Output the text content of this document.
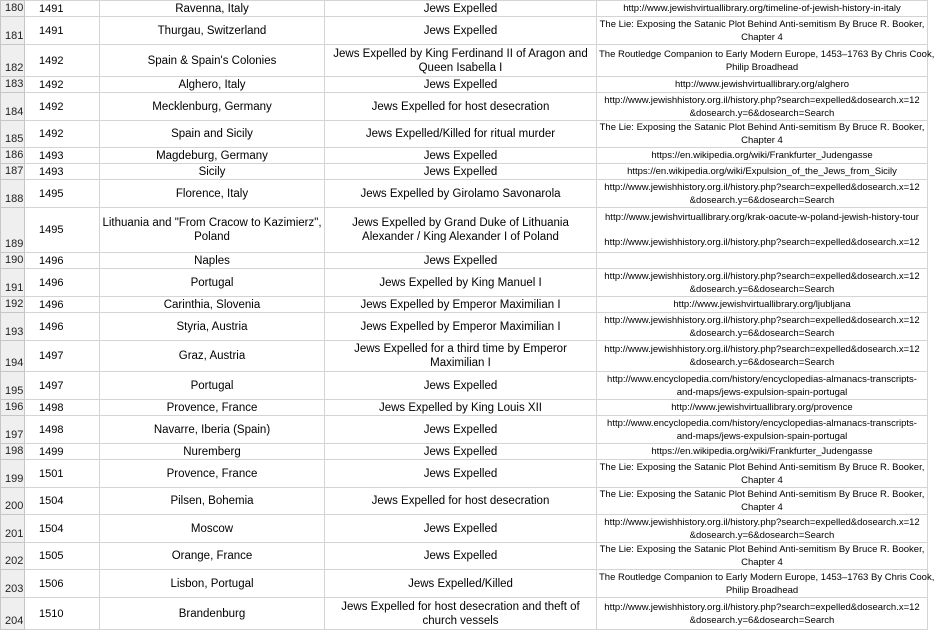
180	1491	Ravenna, Italy	Jews Expelled	http://www.jewishvirtuallibrary.org/timeline-of-jewish-history-in-italy

181	1491	Thurgau, Switzerland	Jews Expelled	The Lie: Exposing the Satanic Plot Behind Anti-semitism By Bruce R. Booker,
Chapter 4

182	1492	Spain & Spain's Colonies	Jews Expelled by King Ferdinand II of Aragon and Queen Isabella I	The Routledge Companion to Early Modern Europe, 1453–1763 By Chris Cook,
Philip Broadhead

183	1492	Alghero, Italy	Jews Expelled	http://www.jewishvirtuallibrary.org/alghero

184	1492	Mecklenburg, Germany	Jews Expelled for host desecration	http://www.jewishhistory.org.il/history.php?search=expelled&dosearch.x=12
&dosearch.y=6&dosearch=Search

185	1492	Spain and Sicily	Jews Expelled/Killed for ritual murder	The Lie: Exposing the Satanic Plot Behind Anti-semitism By Bruce R. Booker,
Chapter 4

186	1493	Magdeburg, Germany	Jews Expelled	https://en.wikipedia.org/wiki/Frankfurter_Judengasse

187	1493	Sicily	Jews Expelled	https://en.wikipedia.org/wiki/Expulsion_of_the_Jews_from_Sicily

188	1495	Florence, Italy	Jews Expelled by Girolamo Savonarola	http://www.jewishhistory.org.il/history.php?search=expelled&dosearch.x=12
&dosearch.y=6&dosearch=Search

189	1495	Lithuania and "From Cracow to Kazimierz", Poland	Jews Expelled by Grand Duke of Lithuania Alexander / King Alexander I of Poland	http://www.jewishvirtuallibrary.org/krak-oacute-w-poland-jewish-history-tour
http://www.jewishhistory.org.il/history.php?search=expelled&dosearch.x=12

190	1496	Naples	Jews Expelled	

191	1496	Portugal	Jews Expelled by King Manuel I	http://www.jewishhistory.org.il/history.php?search=expelled&dosearch.x=12
&dosearch.y=6&dosearch=Search

192	1496	Carinthia, Slovenia	Jews Expelled by Emperor Maximilian I	http://www.jewishvirtuallibrary.org/ljubljana

193	1496	Styria, Austria	Jews Expelled by Emperor Maximilian I	http://www.jewishhistory.org.il/history.php?search=expelled&dosearch.x=12
&dosearch.y=6&dosearch=Search

194	1497	Graz, Austria	Jews Expelled for a third time by Emperor Maximilian I	http://www.jewishhistory.org.il/history.php?search=expelled&dosearch.x=12
&dosearch.y=6&dosearch=Search

195	1497	Portugal	Jews Expelled	http://www.encyclopedia.com/history/encyclopedias-almanacs-transcripts-
and-maps/jews-expulsion-spain-portugal

196	1498	Provence, France	Jews Expelled by King Louis XII	http://www.jewishvirtuallibrary.org/provence

197	1498	Navarre, Iberia (Spain)	Jews Expelled	http://www.encyclopedia.com/history/encyclopedias-almanacs-transcripts-
and-maps/jews-expulsion-spain-portugal

198	1499	Nuremberg	Jews Expelled	https://en.wikipedia.org/wiki/Frankfurter_Judengasse

199	1501	Provence, France	Jews Expelled	The Lie: Exposing the Satanic Plot Behind Anti-semitism By Bruce R. Booker,
Chapter 4

200	1504	Pilsen, Bohemia	Jews Expelled for host desecration	The Lie: Exposing the Satanic Plot Behind Anti-semitism By Bruce R. Booker,
Chapter 4

201	1504	Moscow	Jews Expelled	http://www.jewishhistory.org.il/history.php?search=expelled&dosearch.x=12
&dosearch.y=6&dosearch=Search

202	1505	Orange, France	Jews Expelled	The Lie: Exposing the Satanic Plot Behind Anti-semitism By Bruce R. Booker,
Chapter 4

203	1506	Lisbon, Portugal	Jews Expelled/Killed	The Routledge Companion to Early Modern Europe, 1453–1763 By Chris Cook,
Philip Broadhead

204	1510	Brandenburg	Jews Expelled for host desecration and theft of church vessels	http://www.jewishhistory.org.il/history.php?search=expelled&dosearch.x=12
&dosearch.y=6&dosearch=Search
